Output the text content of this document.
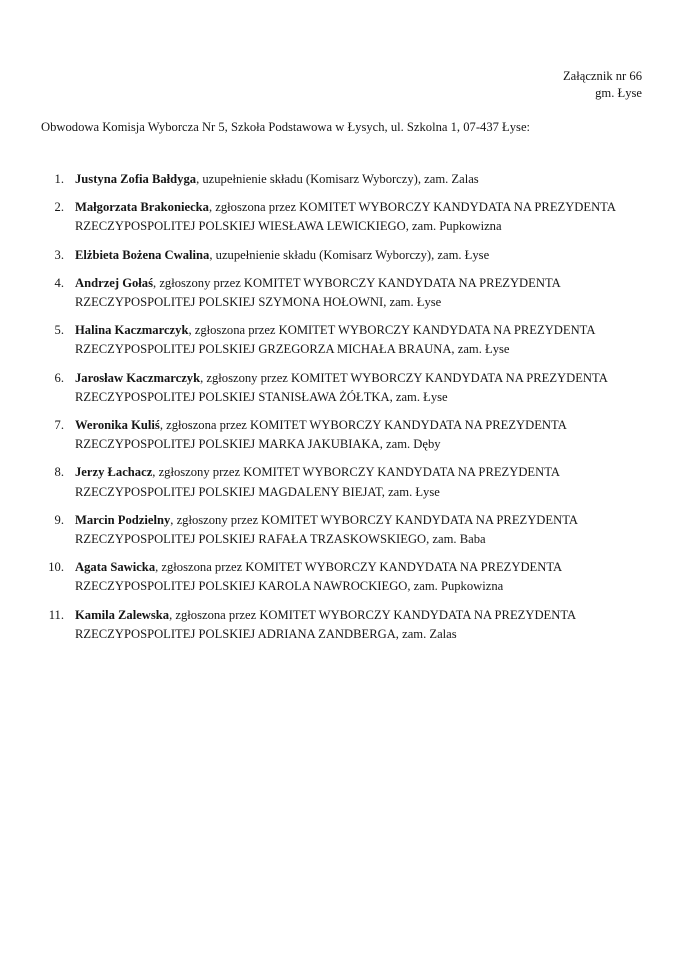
Załącznik nr 66
gm. Łyse
Obwodowa Komisja Wyborcza Nr 5, Szkoła Podstawowa w Łysych, ul. Szkolna 1, 07-437 Łyse:
1. Justyna Zofia Bałdyga, uzupełnienie składu (Komisarz Wyborczy), zam. Zalas
2. Małgorzata Brakoniecka, zgłoszona przez KOMITET WYBORCZY KANDYDATA NA PREZYDENTA RZECZYPOSPOLITEJ POLSKIEJ WIESŁAWA LEWICKIEGO, zam. Pupkowizna
3. Elżbieta Bożena Cwalina, uzupełnienie składu (Komisarz Wyborczy), zam. Łyse
4. Andrzej Gołaś, zgłoszony przez KOMITET WYBORCZY KANDYDATA NA PREZYDENTA RZECZYPOSPOLITEJ POLSKIEJ SZYMONA HOŁOWNI, zam. Łyse
5. Halina Kaczmarczyk, zgłoszona przez KOMITET WYBORCZY KANDYDATA NA PREZYDENTA RZECZYPOSPOLITEJ POLSKIEJ GRZEGORZA MICHAŁA BRAUNA, zam. Łyse
6. Jarosław Kaczmarczyk, zgłoszony przez KOMITET WYBORCZY KANDYDATA NA PREZYDENTA RZECZYPOSPOLITEJ POLSKIEJ STANISŁAWA ŻÓŁTKA, zam. Łyse
7. Weronika Kuliś, zgłoszona przez KOMITET WYBORCZY KANDYDATA NA PREZYDENTA RZECZYPOSPOLITEJ POLSKIEJ MARKA JAKUBIAKA, zam. Dęby
8. Jerzy Łachacz, zgłoszony przez KOMITET WYBORCZY KANDYDATA NA PREZYDENTA RZECZYPOSPOLITEJ POLSKIEJ MAGDALENY BIEJAT, zam. Łyse
9. Marcin Podzielny, zgłoszony przez KOMITET WYBORCZY KANDYDATA NA PREZYDENTA RZECZYPOSPOLITEJ POLSKIEJ RAFAŁA TRZASKOWSKIEGO, zam. Baba
10. Agata Sawicka, zgłoszona przez KOMITET WYBORCZY KANDYDATA NA PREZYDENTA RZECZYPOSPOLITEJ POLSKIEJ KAROLA NAWROCKIEGO, zam. Pupkowizna
11. Kamila Zalewska, zgłoszona przez KOMITET WYBORCZY KANDYDATA NA PREZYDENTA RZECZYPOSPOLITEJ POLSKIEJ ADRIANA ZANDBERGA, zam. Zalas
